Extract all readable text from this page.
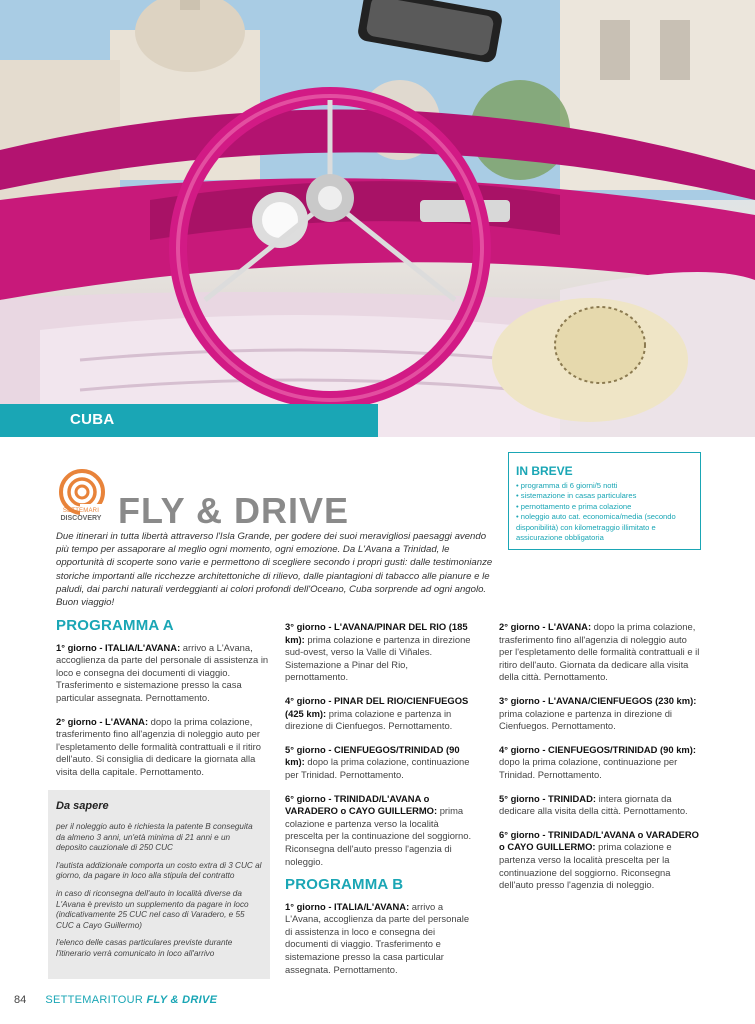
CUBA
SETTEMARI
DISCOVERY FLY & DRIVE

Due itinerari in tutta libertà attraverso l'Isla Grande, per godere dei suoi meravigliosi paesaggi avendo più tempo per assaporare al meglio ogni momento, ogni emozione. Da L'Avana a Trinidad, le opportunità di scoperte sono varie e permettono di scegliere secondo i propri gusti: dalle testimonianze storiche importanti alle ricchezze architettoniche di rilievo, dalle piantagioni di tabacco alle pianure e le paludi, dai parchi naturali verdeggianti ai colori profondi dell'Oceano, Cuba sorprende ad ogni angolo. Buon viaggio!

IN BREVE
• programma di 6 giorni/5 notti
• sistemazione in casas particulares
• pernottamento e prima colazione
• noleggio auto cat. economica/media (secondo disponibilità) con kilometraggio illimitato e assicurazione obbligatoria
PROGRAMMA A

1° giorno - ITALIA/L'AVANA: arrivo a L'Avana, accoglienza da parte del personale di assistenza in loco e consegna dei documenti di viaggio. Trasferimento e sistemazione presso la casa particular assegnata. Pernottamento.

2° giorno - L'AVANA: dopo la prima colazione, trasferimento fino all'agenzia di noleggio auto per l'espletamento delle formalità contrattuali e il ritiro dell'auto. Si consiglia di dedicare la giornata alla visita della capitale. Pernottamento.

Da sapere

per il noleggio auto è richiesta la patente B conseguita da almeno 3 anni, un'età minima di 21 anni e un deposito cauzionale di 250 CUC

l'autista addizionale comporta un costo extra di 3 CUC al giorno, da pagare in loco alla stipula del contratto

in caso di riconsegna dell'auto in località diverse da L'Avana è previsto un supplemento da pagare in loco (indicativamente 25 CUC nel caso di Varadero, e 55 CUC a Cayo Guillermo)

l'elenco delle casas particulares previste durante l'itinerario verrà comunicato in loco all'arrivo

3° giorno - L'AVANA/PINAR DEL RIO (185 km): prima colazione e partenza in direzione sud-ovest, verso la Valle di Viñales. Sistemazione a Pinar del Rio, pernottamento.

4° giorno - PINAR DEL RIO/CIENFUEGOS (425 km): prima colazione e partenza in direzione di Cienfuegos. Pernottamento.

5° giorno - CIENFUEGOS/TRINIDAD (90 km): dopo la prima colazione, continuazione per Trinidad. Pernottamento.

6° giorno - TRINIDAD/L'AVANA o VARADERO o CAYO GUILLERMO: prima colazione e partenza verso la località prescelta per la continuazione del soggiorno. Riconsegna dell'auto presso l'agenzia di noleggio.

PROGRAMMA B

1° giorno - ITALIA/L'AVANA: arrivo a L'Avana, accoglienza da parte del personale di assistenza in loco e consegna dei documenti di viaggio. Trasferimento e sistemazione presso la casa particular assegnata. Pernottamento.

2° giorno - L'AVANA: dopo la prima colazione, trasferimento fino all'agenzia di noleggio auto per l'espletamento delle formalità contrattuali e il ritiro dell'auto. Giornata da dedicare alla visita della città. Pernottamento.

3° giorno - L'AVANA/CIENFUEGOS (230 km): prima colazione e partenza in direzione di Cienfuegos. Pernottamento.

4° giorno - CIENFUEGOS/TRINIDAD (90 km): dopo la prima colazione, continuazione per Trinidad. Pernottamento.

5° giorno - TRINIDAD: intera giornata da dedicare alla visita della città. Pernottamento.

6° giorno - TRINIDAD/L'AVANA o VARADERO o CAYO GUILLERMO: prima colazione e partenza verso la località prescelta per la continuazione del soggiorno. Riconsegna dell'auto presso l'agenzia di noleggio.

84 SETTEMARITOUR FLY & DRIVE
